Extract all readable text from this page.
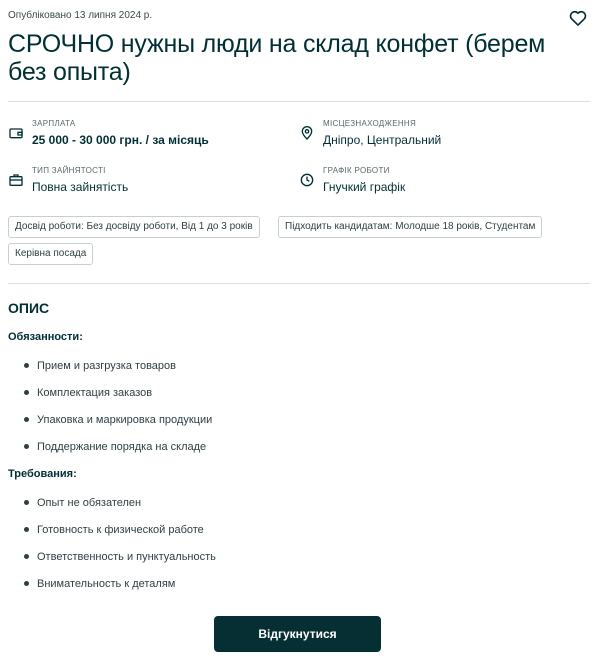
Опубліковано 13 липня 2024 р.
СРОЧНО нужны люди на склад конфет (берем без опыта)
ЗАРПЛАТА
25 000 - 30 000 грн. / за місяць
МІСЦЕЗНАХОДЖЕННЯ
Дніпро, Центральний
ТИП ЗАЙНЯТОСТІ
Повна зайнятість
ГРАФІК РОБОТИ
Гнучкий графік
Досвід роботи: Без досвіду роботи, Від 1 до 3 років	Підходить кандидатам: Молодше 18 років, Студентам
Керівна посада
ОПИС
Обязанности:
Прием и разгрузка товаров
Комплектация заказов
Упаковка и маркировка продукции
Поддержание порядка на складе
Требования:
Опыт не обязателен
Готовность к физической работе
Ответственность и пунктуальность
Внимательность к деталям
Відгукнутися
